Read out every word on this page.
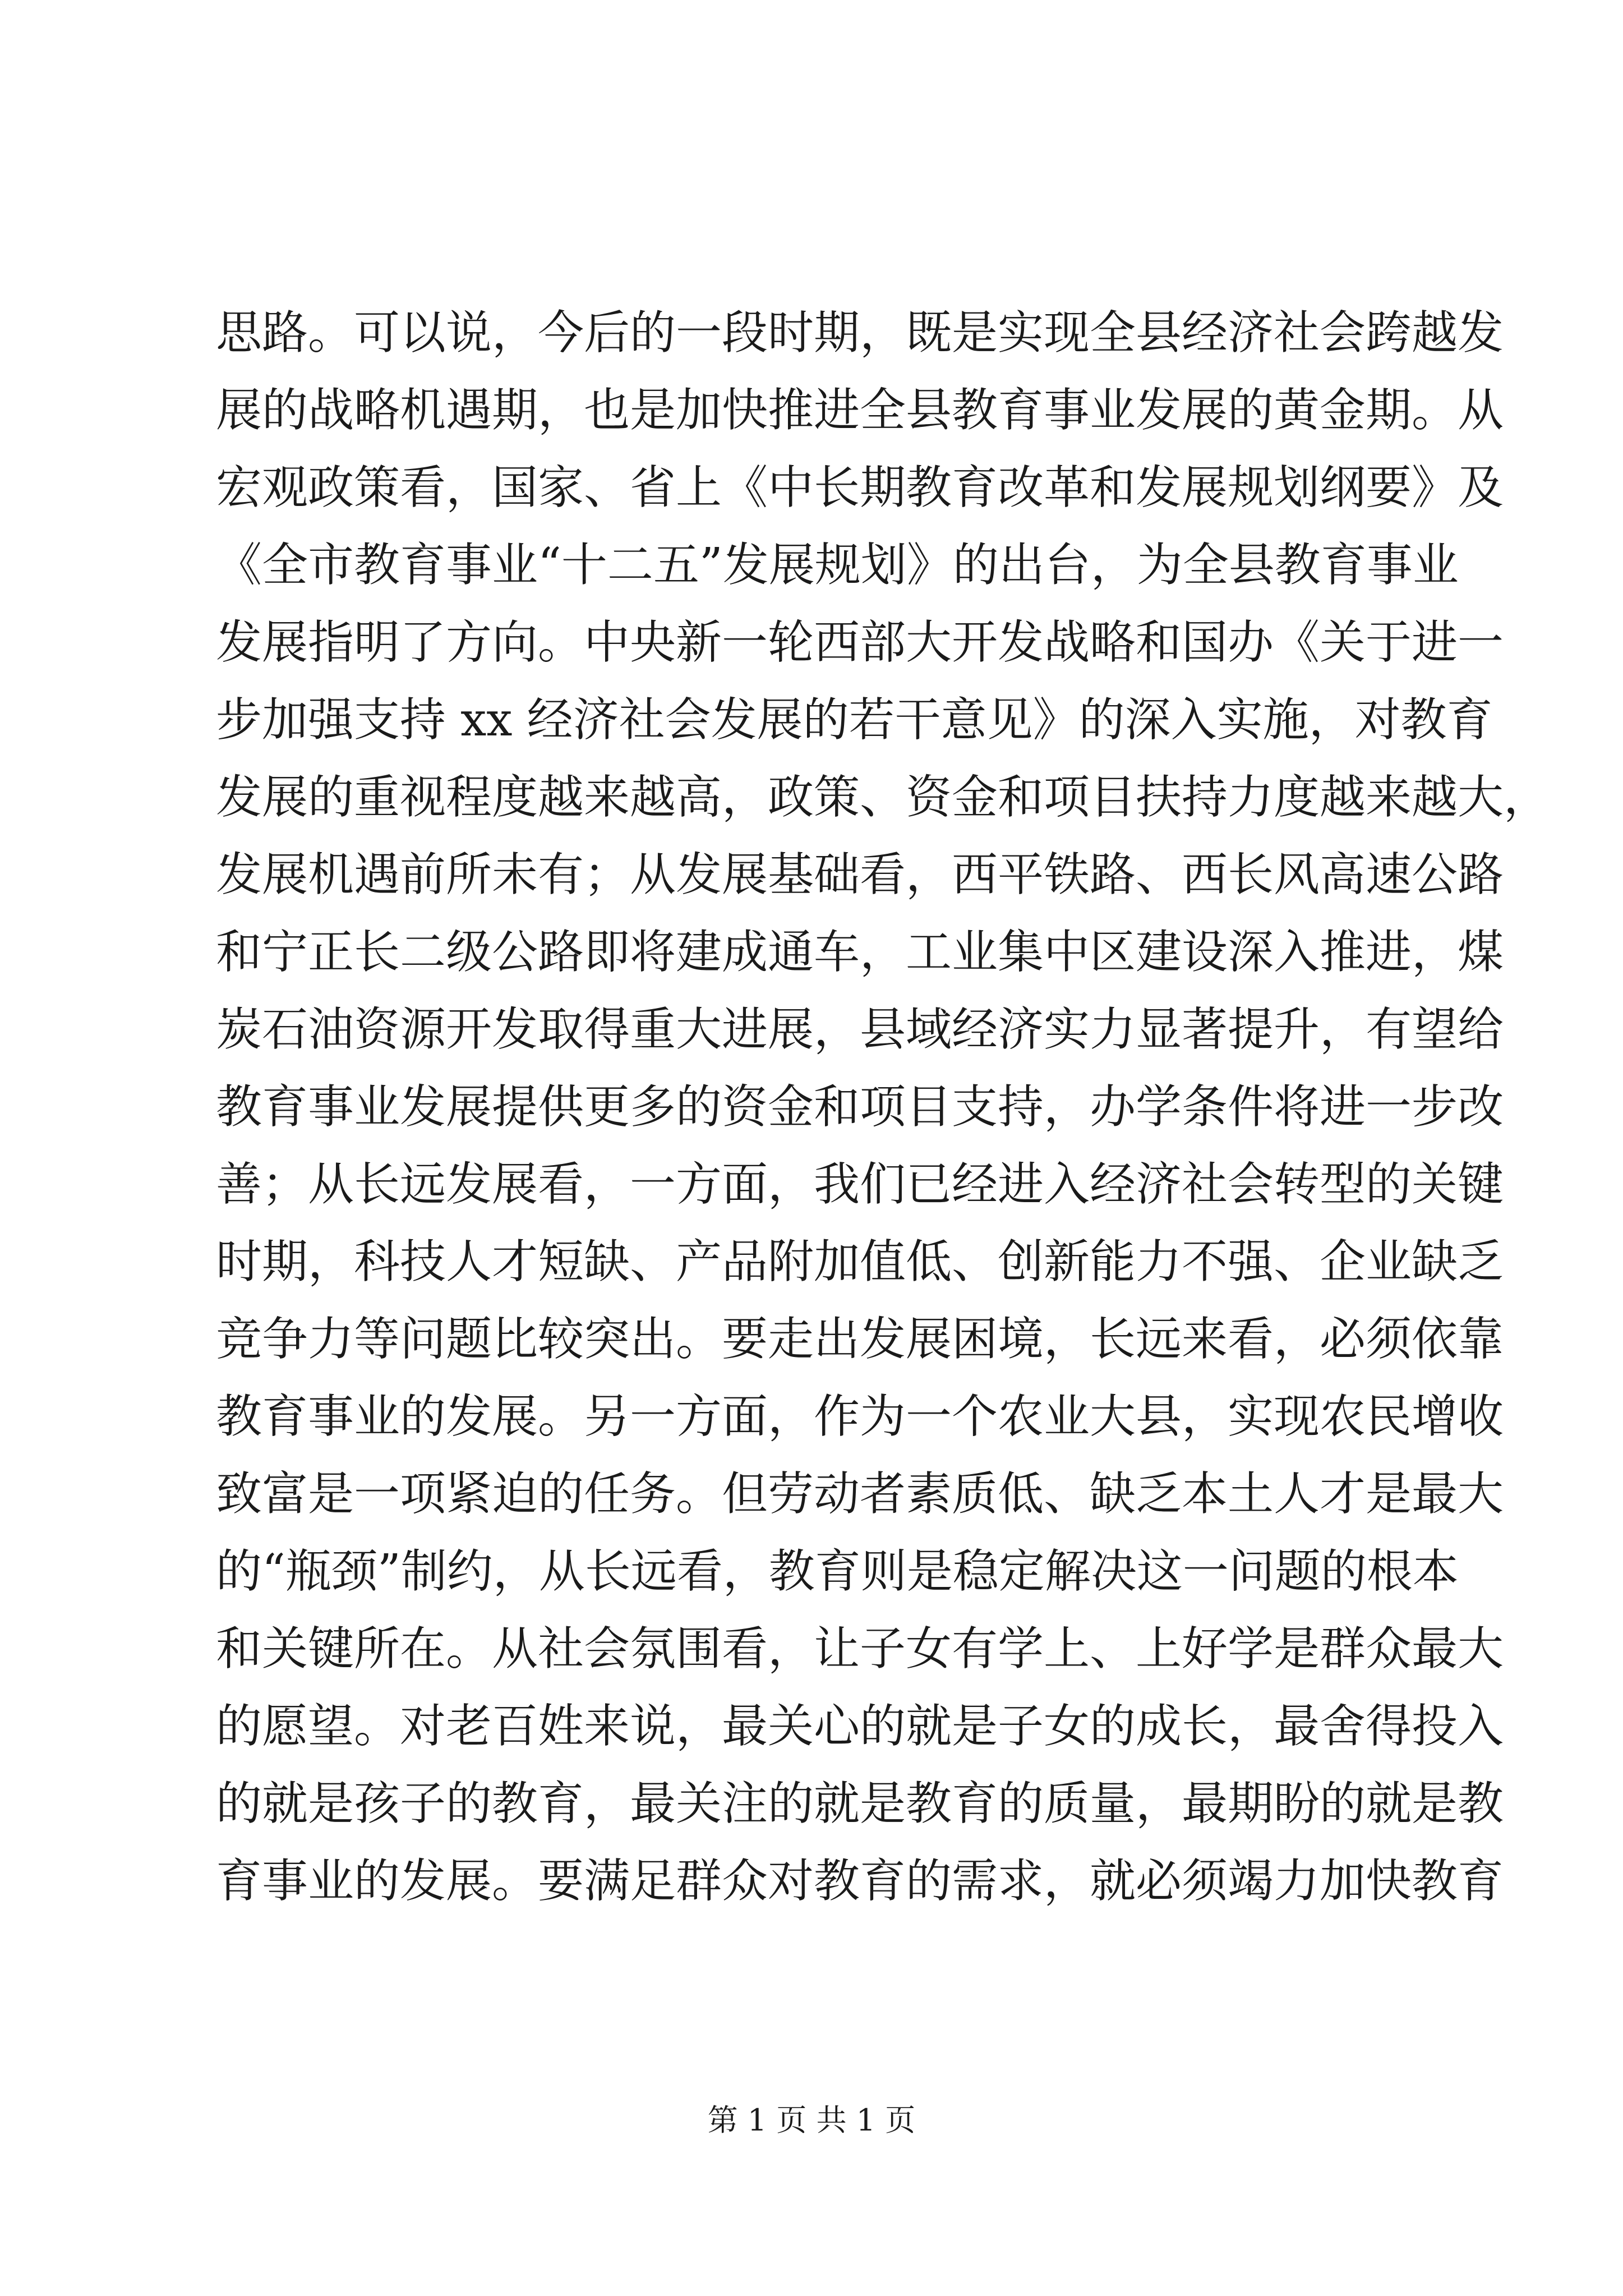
思路。可以说，今后的一段时期，既是实现全县经济社会跨越发
展的战略机遇期，也是加快推进全县教育事业发展的黄金期。从
宏观政策看，国家、省上《中长期教育改革和发展规划纲要》及
《全市教育事业“十二五”发展规划》的出台，为全县教育事业
发展指明了方向。中央新一轮西部大开发战略和国办《关于进一
步加强支持 xx 经济社会发展的若干意见》的深入实施，对教育
发展的重视程度越来越高，政策、资金和项目扶持力度越来越大，
发展机遇前所未有；从发展基础看，西平铁路、西长风高速公路
和宁正长二级公路即将建成通车，工业集中区建设深入推进，煤
炭石油资源开发取得重大进展，县域经济实力显著提升，有望给
教育事业发展提供更多的资金和项目支持，办学条件将进一步改
善；从长远发展看，一方面，我们已经进入经济社会转型的关键
时期，科技人才短缺、产品附加值低、创新能力不强、企业缺乏
竞争力等问题比较突出。要走出发展困境，长远来看，必须依靠
教育事业的发展。另一方面，作为一个农业大县，实现农民增收
致富是一项紧迫的任务。但劳动者素质低、缺乏本土人才是最大
的“瓶颈”制约，从长远看，教育则是稳定解决这一问题的根本
和关键所在。从社会氛围看，让子女有学上、上好学是群众最大
的愿望。对老百姓来说，最关心的就是子女的成长，最舍得投入
的就是孩子的教育，最关注的就是教育的质量，最期盼的就是教
育事业的发展。要满足群众对教育的需求，就必须竭力加快教育
第 1 页 共 1 页
